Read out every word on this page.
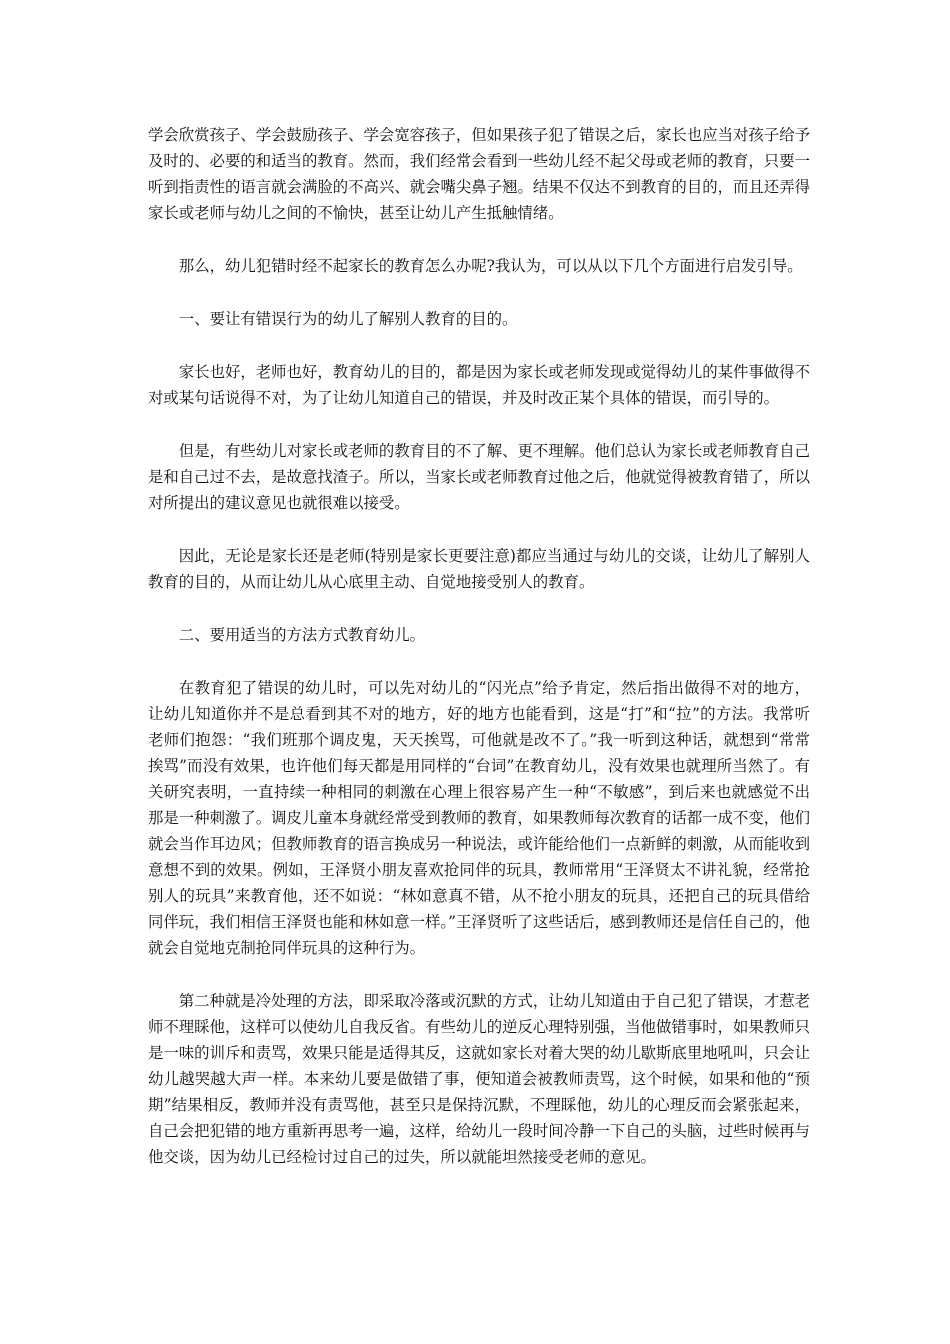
学会欣赏孩子、学会鼓励孩子、学会宽容孩子，但如果孩子犯了错误之后，家长也应当对孩子给予及时的、必要的和适当的教育。然而，我们经常会看到一些幼儿经不起父母或老师的教育，只要一听到指责性的语言就会满脸的不高兴、就会嘴尖鼻子翘。结果不仅达不到教育的目的，而且还弄得家长或老师与幼儿之间的不愉快，甚至让幼儿产生抵触情绪。

那么，幼儿犯错时经不起家长的教育怎么办呢?我认为，可以从以下几个方面进行启发引导。

一、要让有错误行为的幼儿了解别人教育的目的。

家长也好，老师也好，教育幼儿的目的，都是因为家长或老师发现或觉得幼儿的某件事做得不对或某句话说得不对，为了让幼儿知道自己的错误，并及时改正某个具体的错误，而引导的。

但是，有些幼儿对家长或老师的教育目的不了解、更不理解。他们总认为家长或老师教育自己是和自己过不去，是故意找渣子。所以，当家长或老师教育过他之后，他就觉得被教育错了，所以对所提出的建议意见也就很难以接受。

因此，无论是家长还是老师(特别是家长更要注意)都应当通过与幼儿的交谈，让幼儿了解别人教育的目的，从而让幼儿从心底里主动、自觉地接受别人的教育。

二、要用适当的方法方式教育幼儿。

在教育犯了错误的幼儿时，可以先对幼儿的“闪光点”给予肯定，然后指出做得不对的地方，让幼儿知道你并不是总看到其不对的地方，好的地方也能看到，这是“打”和“拉”的方法。我常听老师们抱怨：“我们班那个调皮鬼，天天挨骂，可他就是改不了。”我一听到这种话，就想到“常常挨骂”而没有效果，也许他们每天都是用同样的“台词”在教育幼儿，没有效果也就理所当然了。有关研究表明，一直持续一种相同的刺激在心理上很容易产生一种“不敏感”，到后来也就感觉不出那是一种刺激了。调皮儿童本身就经常受到教师的教育，如果教师每次教育的话都一成不变，他们就会当作耳边风；但教师教育的语言换成另一种说法，或许能给他们一点新鲜的刺激，从而能收到意想不到的效果。例如，王泽贤小朋友喜欢抢同伴的玩具，教师常用“王泽贤太不讲礼貌，经常抢别人的玩具”来教育他，还不如说：“林如意真不错，从不抢小朋友的玩具，还把自己的玩具借给同伴玩，我们相信王泽贤也能和林如意一样。”王泽贤听了这些话后，感到教师还是信任自己的，他就会自觉地克制抢同伴玩具的这种行为。

第二种就是冷处理的方法，即采取冷落或沉默的方式，让幼儿知道由于自己犯了错误，才惹老师不理睬他，这样可以使幼儿自我反省。有些幼儿的逆反心理特别强，当他做错事时，如果教师只是一味的训斥和责骂，效果只能是适得其反，这就如家长对着大哭的幼儿歇斯底里地吼叫，只会让幼儿越哭越大声一样。本来幼儿要是做错了事，便知道会被教师责骂，这个时候，如果和他的“预期”结果相反，教师并没有责骂他，甚至只是保持沉默，不理睬他，幼儿的心理反而会紧张起来，自己会把犯错的地方重新再思考一遍，这样，给幼儿一段时间冷静一下自己的头脑，过些时候再与他交谈，因为幼儿已经检讨过自己的过失，所以就能坦然接受老师的意见。
